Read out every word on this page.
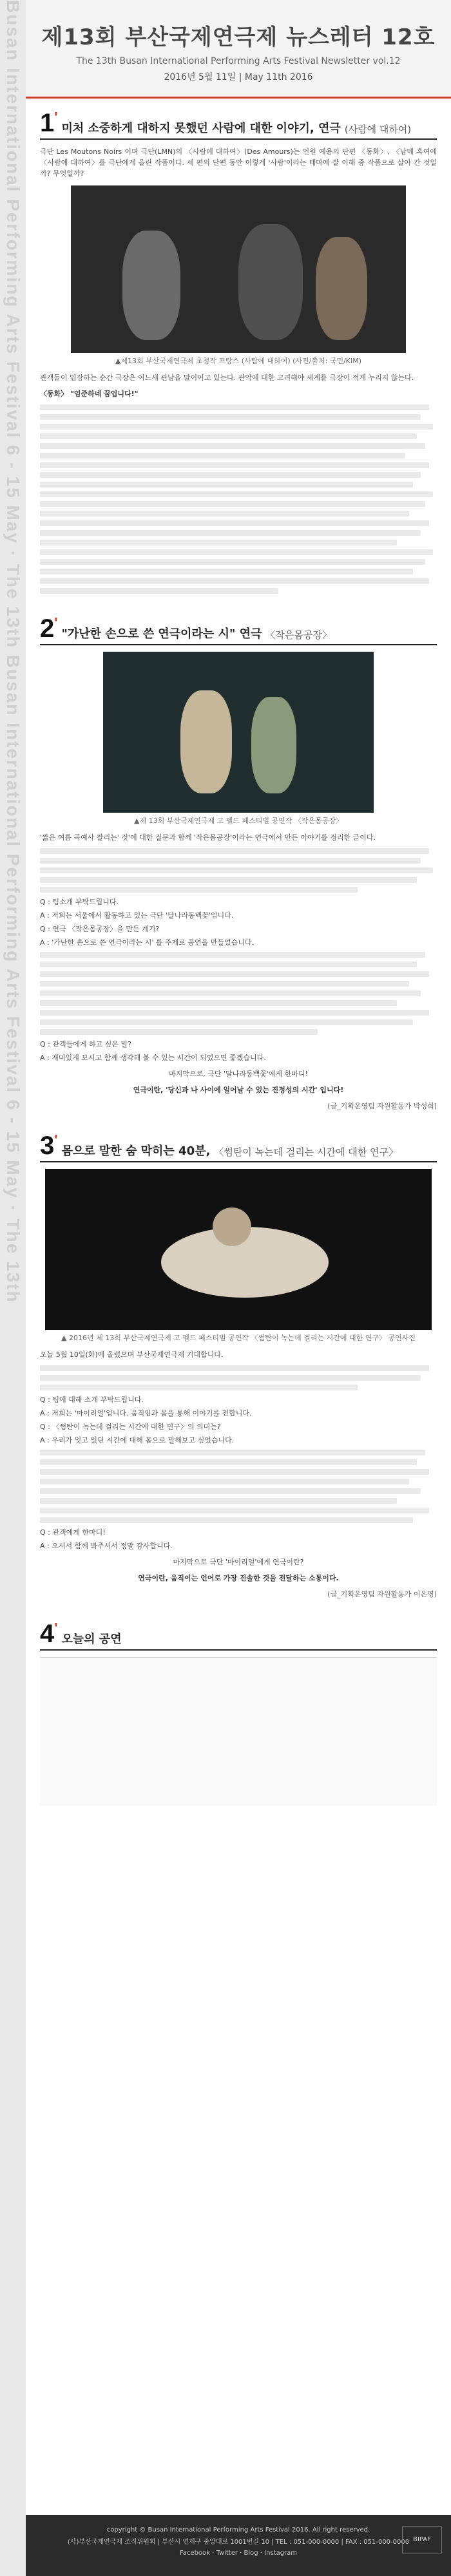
Busan International Performing Arts Festival 6 - 15 May · The 13th Busan International Performing Arts Festival 6 - 15 May · The 13th 제13회 부산국제연극제 뉴스레터 12호
The 13th Busan International Performing Arts Festival Newsletter vol.12
2016년 5월 11일 | May 11th 2016
1'
미처 소중하게 대하지 못했던 사람에 대한 이야기, 연극 (사람에 대하여)

극단 Les Moutons Noirs 이며 극단(LMN)의 〈사람에 대하여〉(Des Amours)는 인원 예용의 단편 〈동화〉, 〈남매 혹여에 〈사람에 대하여〉를 극단에게 올린 작품이다. 세 편의 단편 동안 이렇게 '사람'이라는 테마에 잘 이해 중 작품으로 살아 간 것일까? 무엇일까?

▲제13회 부산국제연극제 초청작 프랑스 (사람에 대하여) (사진/출처: 국민/KIM)

관객들이 입장하는 순간 극장은 어느새 관남을 말이어고 있는다. 관악에 대한 고려해야 세계를 극장이 적게 누리지 않는다.

〈동화〉 "엄준하네 꿈입니다!"

2'
"가난한 손으로 쓴 연극이라는 시" 연극 〈작은몸공장〉
▲제 13회 부산국제연극제 고 펠드 페스티벌 공연작 〈작은몸공장〉

'짧은 여름 곡예사 팔리는' 것'에 대한 질문과 함께 '작은몸공장'이라는 연극에서 만든 이야기를 정리한 글이다.

Q : 팀소개 부탁드립니다.

A : 저희는 서울에서 활동하고 있는 극단 '달나라동백꽃'입니다.

Q : 연극 〈작은몸공장〉을 만든 계기?

A : '가난한 손으로 쓴 연극이라는 시' 를 주제로 공연을 만들었습니다.

Q : 관객들에게 하고 싶은 말?

A : 재미있게 보시고 함께 생각해 볼 수 있는 시간이 되었으면 좋겠습니다.

마지막으로, 극단 '달나라동백꽃'에게 한마디!

연극이란, '당신과 나 사이에 일어날 수 있는 진정성의 시간' 입니다!

(글_기획운영팀 자원활동가 박성희)
3'
몸으로 말한 숨 막히는 40분, 〈썸탄이 녹는데 걸리는 시간에 대한 연구〉
▲ 2016년 제 13회 부산국제연극제 고 펠드 페스티벌 공연작 〈썸탄이 녹는데 걸리는 시간에 대한 연구〉 공연사진

오늘 5월 10일(화)에 올렸으며 부산국제연극제 기대합니다.

Q : 팀에 대해 소개 부탁드립니다.

A : 저희는 '마이리얼'입니다. 움직임과 몸을 통해 이야기를 전합니다.

Q : 〈썸탄이 녹는데 걸리는 시간에 대한 연구〉의 의미는?

A : 우리가 잊고 있던 시간에 대해 몸으로 말해보고 싶었습니다.

Q : 관객에게 한마디!

A : 오셔서 함께 봐주셔서 정말 감사합니다.

마지막으로 극단 '마이리얼'에게 연극이란?

연극이란, 움직이는 언어로 가장 진솔한 것을 전달하는 소통이다.

(글_기획운영팀 자원활동가 이은영)
4'
오늘의 공연
copyright © Busan International Performing Arts Festival 2016. All right reserved.
(사)부산국제연극제 조직위원회 | 부산시 연제구 중앙대로 1001번길 10 | TEL : 051-000-0000 | FAX : 051-000-0000
Facebook · Twitter · Blog · Instagram
BIPAF
